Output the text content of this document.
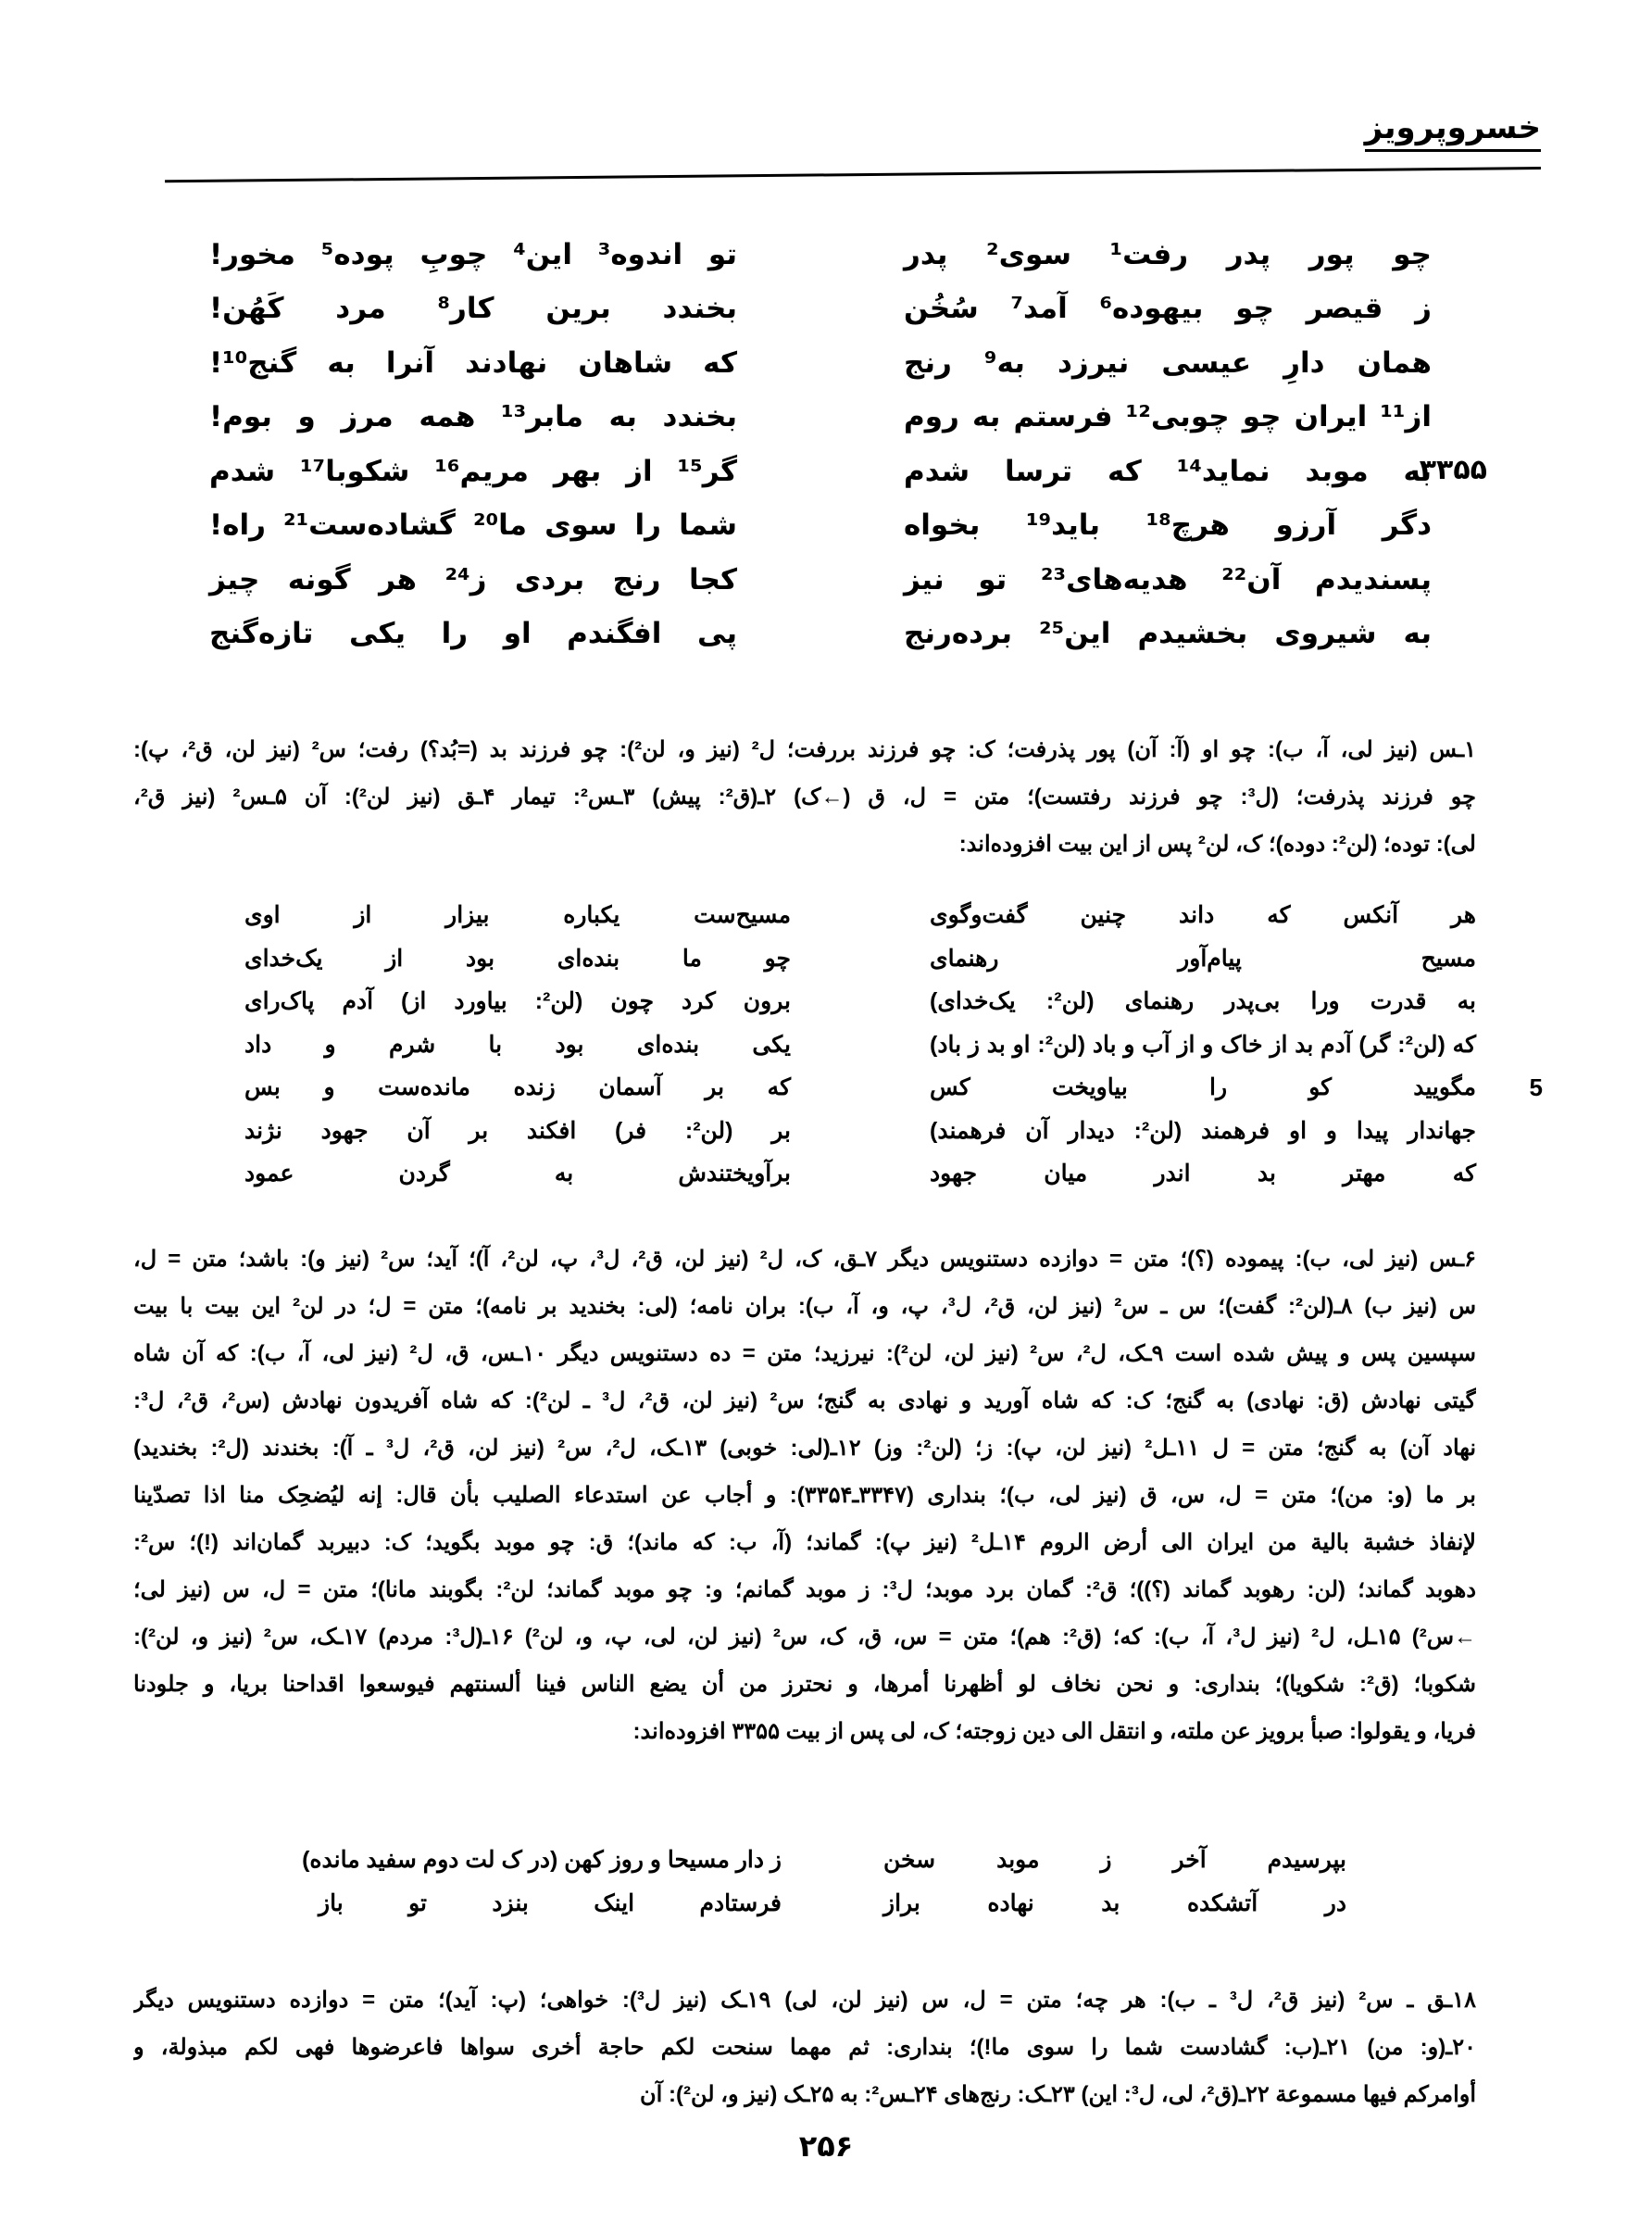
خسروپرویز
چو پور پدر رفت¹ سوی² پدر
تو اندوه³ این⁴ چوبِ پوده⁵ مخور!
ز قیصر چو بیهوده⁶ آمد⁷ سُخُن
بخندد برین کار⁸ مرد کَهُن!
همان دارِ عیسی نیرزد به⁹ رنج
که شاهان نهادند آنرا به گنج¹⁰!
از¹¹ ایران چو چوبی¹² فرستم به روم
بخندد به مابر¹³ همه مرز و بوم!
به موبد نماید¹⁴ که ترسا شدم
گر¹⁵ از بهر مریم¹⁶ شکوبا¹⁷ شدم	۳۳۵۵
دگر آرزو هرچ¹⁸ باید¹⁹ بخواه
شما را سوی ما²⁰ گشاده‌ست²¹ راه!
پسندیدم آن²² هدیه‌های²³ تو نیز
کجا رنج بردی ز²⁴ هر گونه چیز
به شیروی بخشیدم این²⁵ برده‌رنج
پی افگندم او را یکی تازه‌گنج
۱ـس (نیز لی، آ، ب): چو او (آ: آن) پور پذرفت؛ ک: چو فرزند بررفت؛ ل² (نیز و، لن²): چو فرزند بد (=بُد؟) رفت؛ س² (نیز لن، ق²، پ):
چو فرزند پذرفت؛ (ل³: چو فرزند رفتست)؛ متن = ل، ق (←ک) ۲ـ(ق²: پیش) ۳ـس²: تیمار ۴ـق (نیز لن²): آن ۵ـس² (نیز ق²،
لی): توده؛ (لن²: دوده)؛ ک، لن² پس از این بیت افزوده‌اند:
هر آنکس که داند چنین گفت‌وگوی
مسیح‌ست یکباره بیزار از اوی
مسیح پیام‌آور رهنمای
چو ما بنده‌ای بود از یک‌خدای
به قدرت ورا بی‌پدر رهنمای (لن²: یک‌خدای)
برون کرد چون (لن²: بیاورد از) آدم پاک‌رای
که (لن²: گر) آدم بد از خاک و از آب و باد (لن²: او بد ز باد)
یکی بنده‌ای بود با شرم و داد
مگویید کو را بیاویخت کس
که بر آسمان زنده مانده‌ست و بس	5
جهاندار پیدا و او فرهمند (لن²: دیدار آن فرهمند)
بر (لن²: فر) افکند بر آن جهود نژند
که مهتر بد اندر میان جهود
برآویختندش به گردن عمود
۶ـس (نیز لی، ب): پیموده (؟)؛ متن = دوازده دستنویس دیگر ۷ـق، ک، ل² (نیز لن، ق²، ل³، پ، لن²، آ)؛ آید؛ س² (نیز و): باشد؛ متن = ل،
س (نیز ب) ۸ـ(لن²: گفت)؛ س ـ س² (نیز لن، ق²، ل³، پ، و، آ، ب): بران نامه؛ (لی: بخندید بر نامه)؛ متن = ل؛ در لن² این بیت با بیت
سپسین پس و پیش شده است ۹ـک، ل²، س² (نیز لن، لن²): نیرزید؛ متن = ده دستنویس دیگر ۱۰ـس، ق، ل² (نیز لی، آ، ب): که آن شاه
گیتی نهادش (ق: نهادی) به گنج؛ ک: که شاه آورید و نهادی به گنج؛ س² (نیز لن، ق²، ل³ ـ لن²): که شاه آفریدون نهادش (س²، ق²، ل³:
نهاد آن) به گنج؛ متن = ل ۱۱ـل² (نیز لن، پ): ز؛ (لن²: وز) ۱۲ـ(لی: خوبی) ۱۳ـک، ل²، س² (نیز لن، ق²، ل³ ـ آ): بخندند (ل²: بخندید)
بر ما (و: من)؛ متن = ل، س، ق (نیز لی، ب)؛ بنداری (۳۳۴۷ـ۳۳۵۴): و أجاب عن استدعاء الصلیب بأن قال: إنه لیُضحِک منا اذا تصدّینا
لإنفاذ خشبة بالیة من ایران الی أرض الروم ۱۴ـل² (نیز پ): گماند؛ (آ، ب: که ماند)؛ ق: چو موبد بگوید؛ ک: دبیربد گمان‌اند (!)؛ س²:
دهوبد گماند؛ (لن: رهوبد گماند (؟))؛ ق²: گمان برد موبد؛ ل³: ز موبد گمانم؛ و: چو موبد گماند؛ لن²: بگوبند مانا)؛ متن = ل، س (نیز لی؛
←س²) ۱۵ـل، ل² (نیز ل³، آ، ب): که؛ (ق²: هم)؛ متن = س، ق، ک، س² (نیز لن، لی، پ، و، لن²) ۱۶ـ(ل³: مردم) ۱۷ـک، س² (نیز و، لن²):
شکوبا؛ (ق²: شکویا)؛ بنداری: و نحن نخاف لو أظهرنا أمرها، و نحترز من أن یضع الناس فینا ألسنتهم فیوسعوا اقداحنا بریا، و جلودنا
فریا، و یقولوا: صبأ برویز عن ملته، و انتقل الی دین زوجته؛ ک، لی پس از بیت ۳۳۵۵ افزوده‌اند:
بپرسیدم آخر ز موبد سخن
ز دار مسیحا و روز کهن (در ک لت دوم سفید مانده)
در آتشکده بد نهاده براز
فرستادم اینک بنزد تو باز
۱۸ـق ـ س² (نیز ق²، ل³ ـ ب): هر چه؛ متن = ل، س (نیز لن، لی) ۱۹ـک (نیز ل³): خواهی؛ (پ: آید)؛ متن = دوازده دستنویس دیگر
۲۰ـ(و: من) ۲۱ـ(ب: گشادست شما را سوی ما!)؛ بنداری: ثم مهما سنحت لکم حاجة أخری سواها فاعرضوها فهی لکم مبذولة، و
أوامرکم فیها مسموعة ۲۲ـ(ق²، لی، ل³: این) ۲۳ـک: رنج‌های ۲۴ـس²: به ۲۵ـک (نیز و، لن²): آن
۲۵۶
